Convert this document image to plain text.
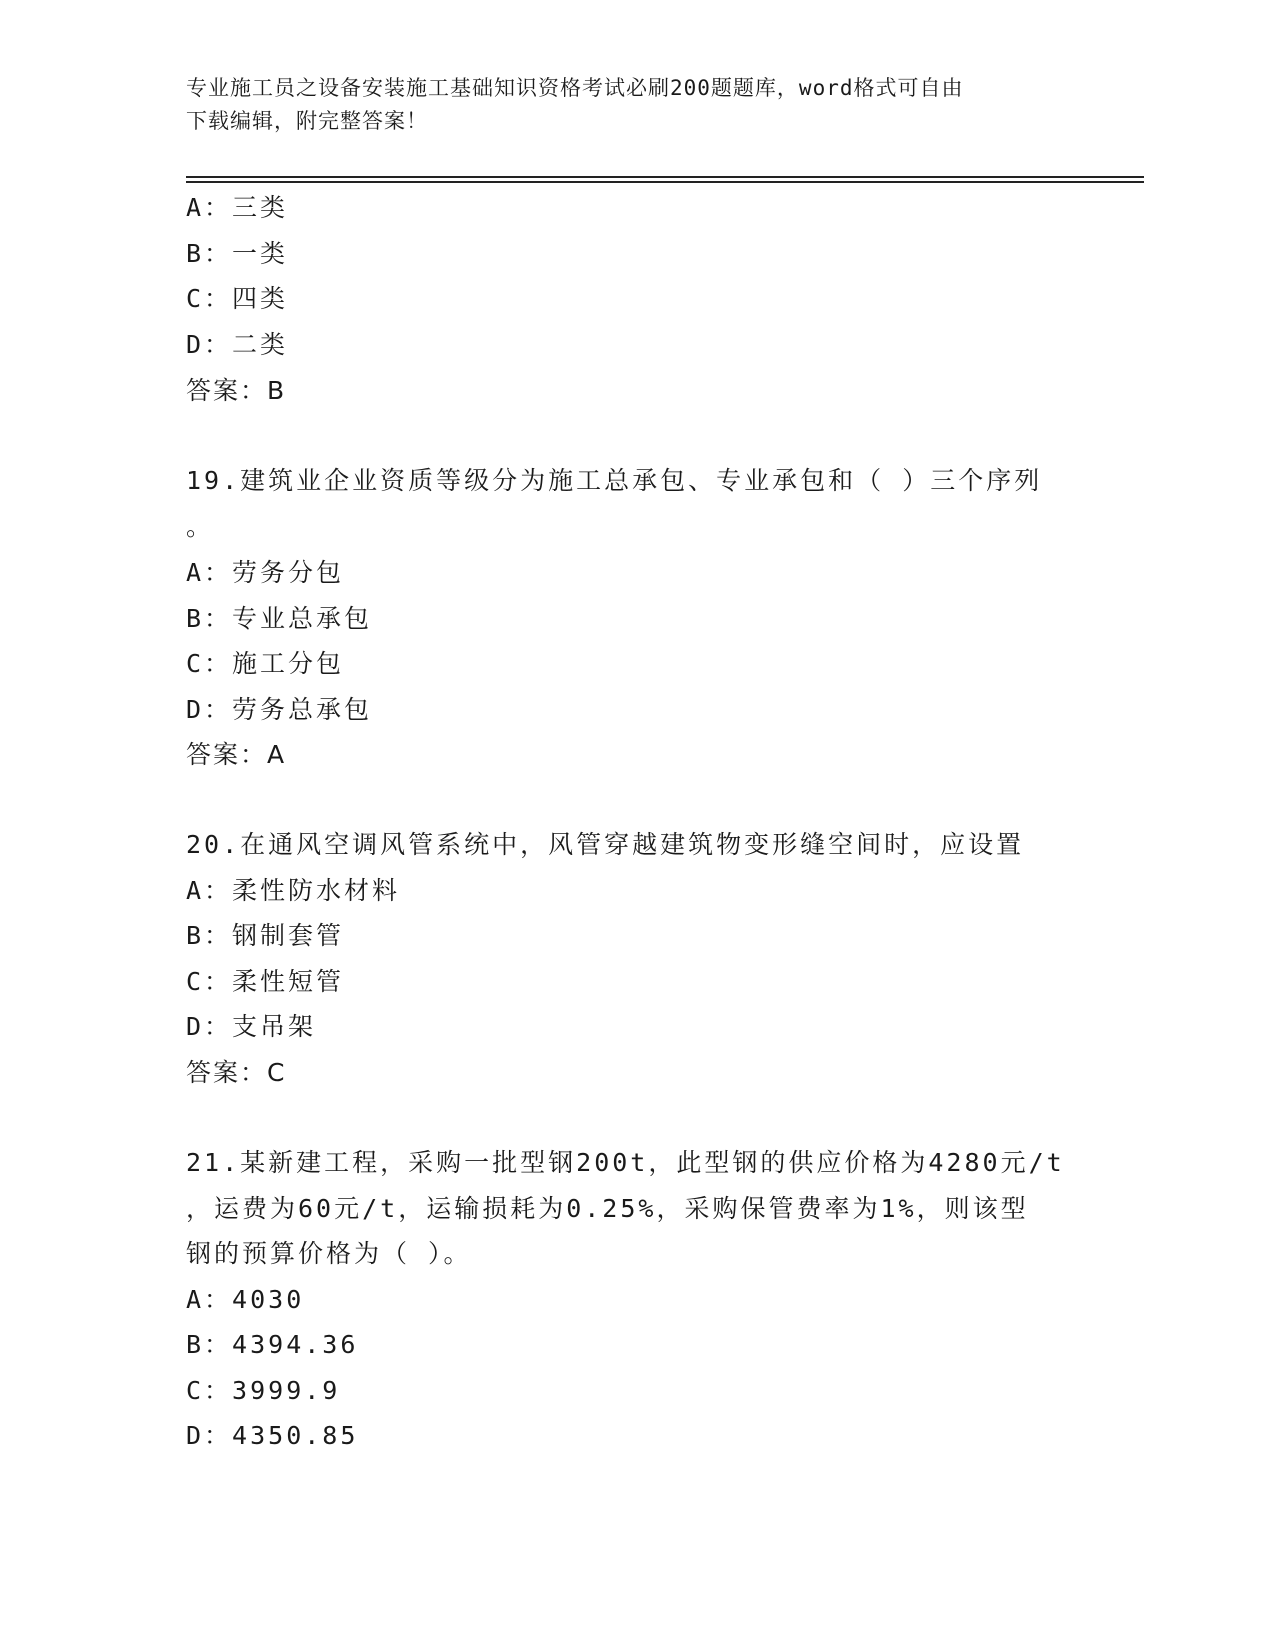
专业施工员之设备安装施工基础知识资格考试必刷200题题库，word格式可自由
下载编辑，附完整答案！
A：三类
B：一类
C：四类
D：二类
答案：B
19.建筑业企业资质等级分为施工总承包、专业承包和（ ）三个序列
。
A：劳务分包
B：专业总承包
C：施工分包
D：劳务总承包
答案：A
20.在通风空调风管系统中，风管穿越建筑物变形缝空间时，应设置
A：柔性防水材料
B：钢制套管
C：柔性短管
D：支吊架
答案：C
21.某新建工程，采购一批型钢200t，此型钢的供应价格为4280元/t
，运费为60元/t，运输损耗为0.25%，采购保管费率为1%，则该型
钢的预算价格为（ ）。
A：4030
B：4394.36
C：3999.9
D：4350.85
